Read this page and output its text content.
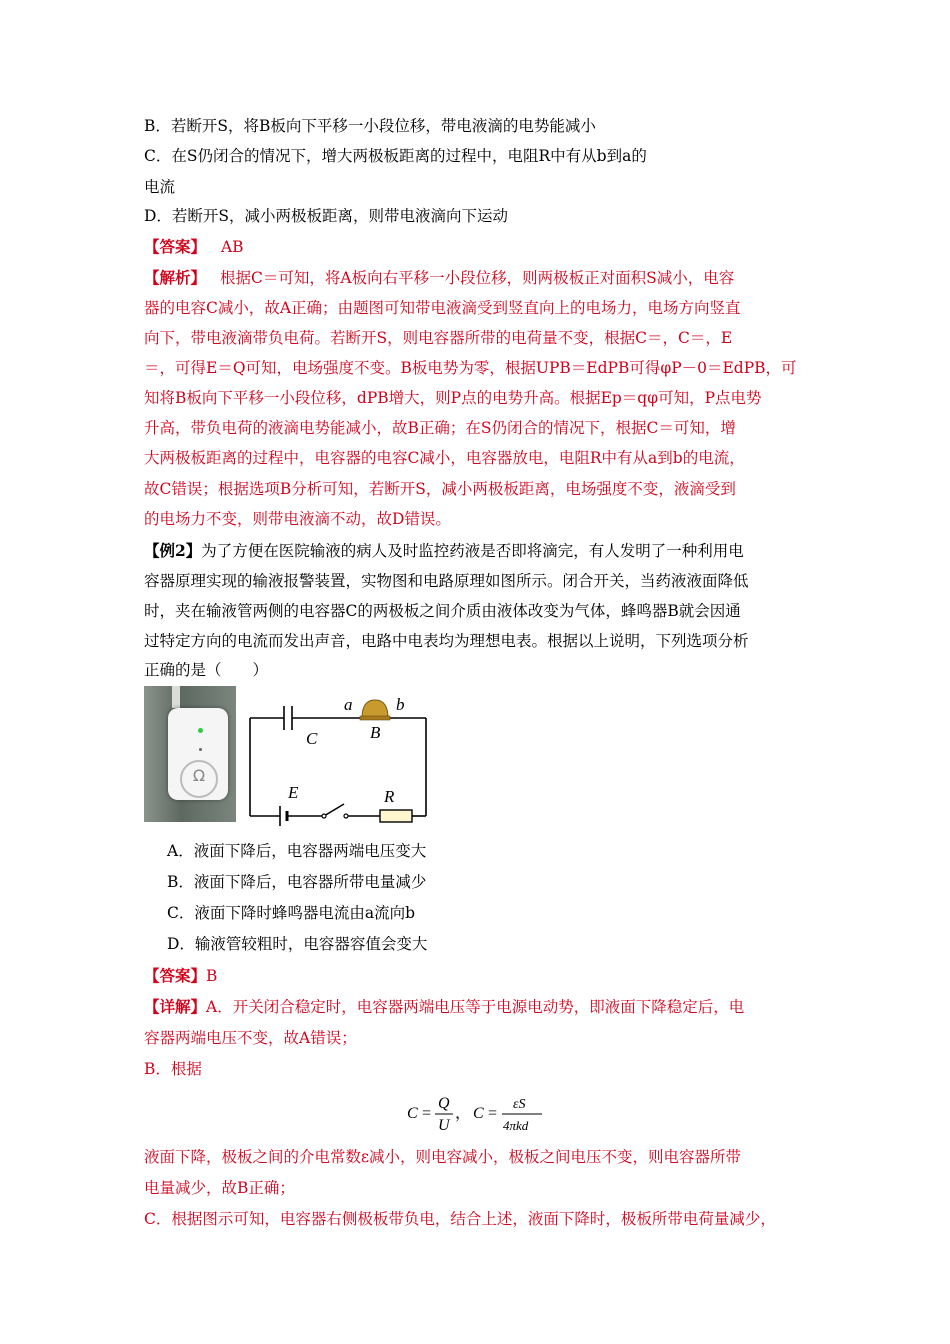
B．若断开S，将B板向下平移一小段位移，带电液滴的电势能减小
C．在S仍闭合的情况下，增大两极板距离的过程中，电阻R中有从b到a的
电流
D．若断开S，减小两极板距离，则带电液滴向下运动
【答案】 AB
【解析】 根据C＝可知，将A板向右平移一小段位移，则两极板正对面积S减小，电容
器的电容C减小，故A正确；由题图可知带电液滴受到竖直向上的电场力，电场方向竖直
向下，带电液滴带负电荷。若断开S，则电容器所带的电荷量不变，根据C＝，C＝，E
＝，可得E＝Q可知，电场强度不变。B板电势为零，根据UPB＝EdPB可得φP－0＝EdPB，可
知将B板向下平移一小段位移，dPB增大，则P点的电势升高。根据Ep＝qφ可知，P点电势
升高，带负电荷的液滴电势能减小，故B正确；在S仍闭合的情况下，根据C＝可知，增
大两极板距离的过程中，电容器的电容C减小，电容器放电，电阻R中有从a到b的电流，
故C错误；根据选项B分析可知，若断开S，减小两极板距离，电场强度不变，液滴受到
的电场力不变，则带电液滴不动，故D错误。
【例2】为了方便在医院输液的病人及时监控药液是否即将滴完，有人发明了一种利用电
容器原理实现的输液报警装置，实物图和电路原理如图所示。闭合开关，当药液液面降低
时，夹在输液管两侧的电容器C的两极板之间介质由液体改变为气体，蜂鸣器B就会因通
过特定方向的电流而发出声音，电路中电表均为理想电表。根据以上说明，下列选项分析
正确的是（　　）
Ω
a	b
B
C
E	R
A．液面下降后，电容器两端电压变大
B．液面下降后，电容器所带电量减少
C．液面下降时蜂鸣器电流由a流向b
D．输液管较粗时，电容器容值会变大
【答案】B
【详解】A．开关闭合稳定时，电容器两端电压等于电源电动势，即液面下降稳定后，电
容器两端电压不变，故A错误；
B．根据
C =
Q
U
， C =
εS
4πkd
液面下降，极板之间的介电常数ε减小，则电容减小，极板之间电压不变，则电容器所带
电量减少，故B正确；
C．根据图示可知，电容器右侧极板带负电，结合上述，液面下降时，极板所带电荷量减少，
